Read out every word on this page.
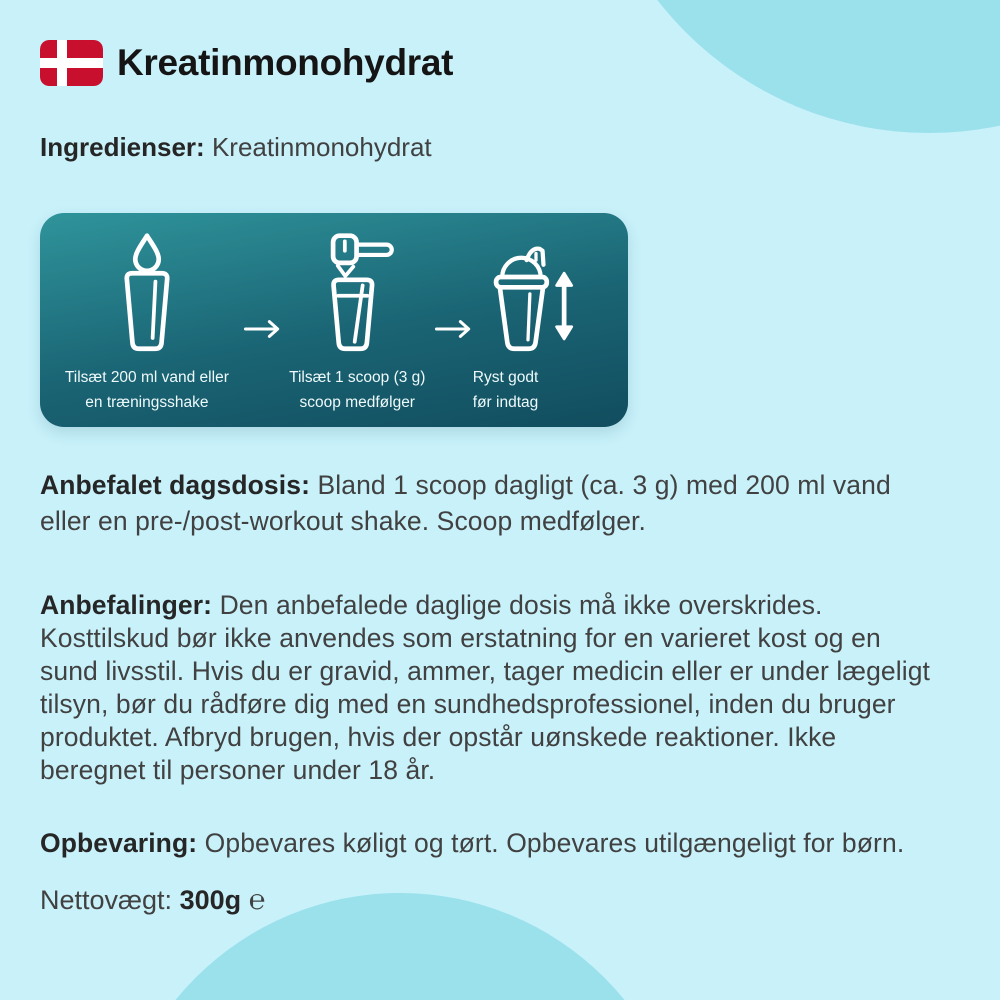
Kreatinmonohydrat
Ingredienser: Kreatinmonohydrat
Tilsæt 200 ml vand eller
en træningsshake
Tilsæt 1 scoop (3 g)
scoop medfølger
Ryst godt
før indtag

Anbefalet dagsdosis: Bland 1 scoop dagligt (ca. 3 g) med 200 ml vand eller en pre-/post-workout shake. Scoop medfølger.

Anbefalinger: Den anbefalede daglige dosis må ikke overskrides. Kosttilskud bør ikke anvendes som erstatning for en varieret kost og en sund livsstil. Hvis du er gravid, ammer, tager medicin eller er under lægeligt tilsyn, bør du rådføre dig med en sundhedsprofessionel, inden du bruger produktet. Afbryd brugen, hvis der opstår uønskede reaktioner. Ikke beregnet til personer under 18 år.

Opbevaring: Opbevares køligt og tørt. Opbevares utilgængeligt for børn.

Nettovægt: 300g ℮
